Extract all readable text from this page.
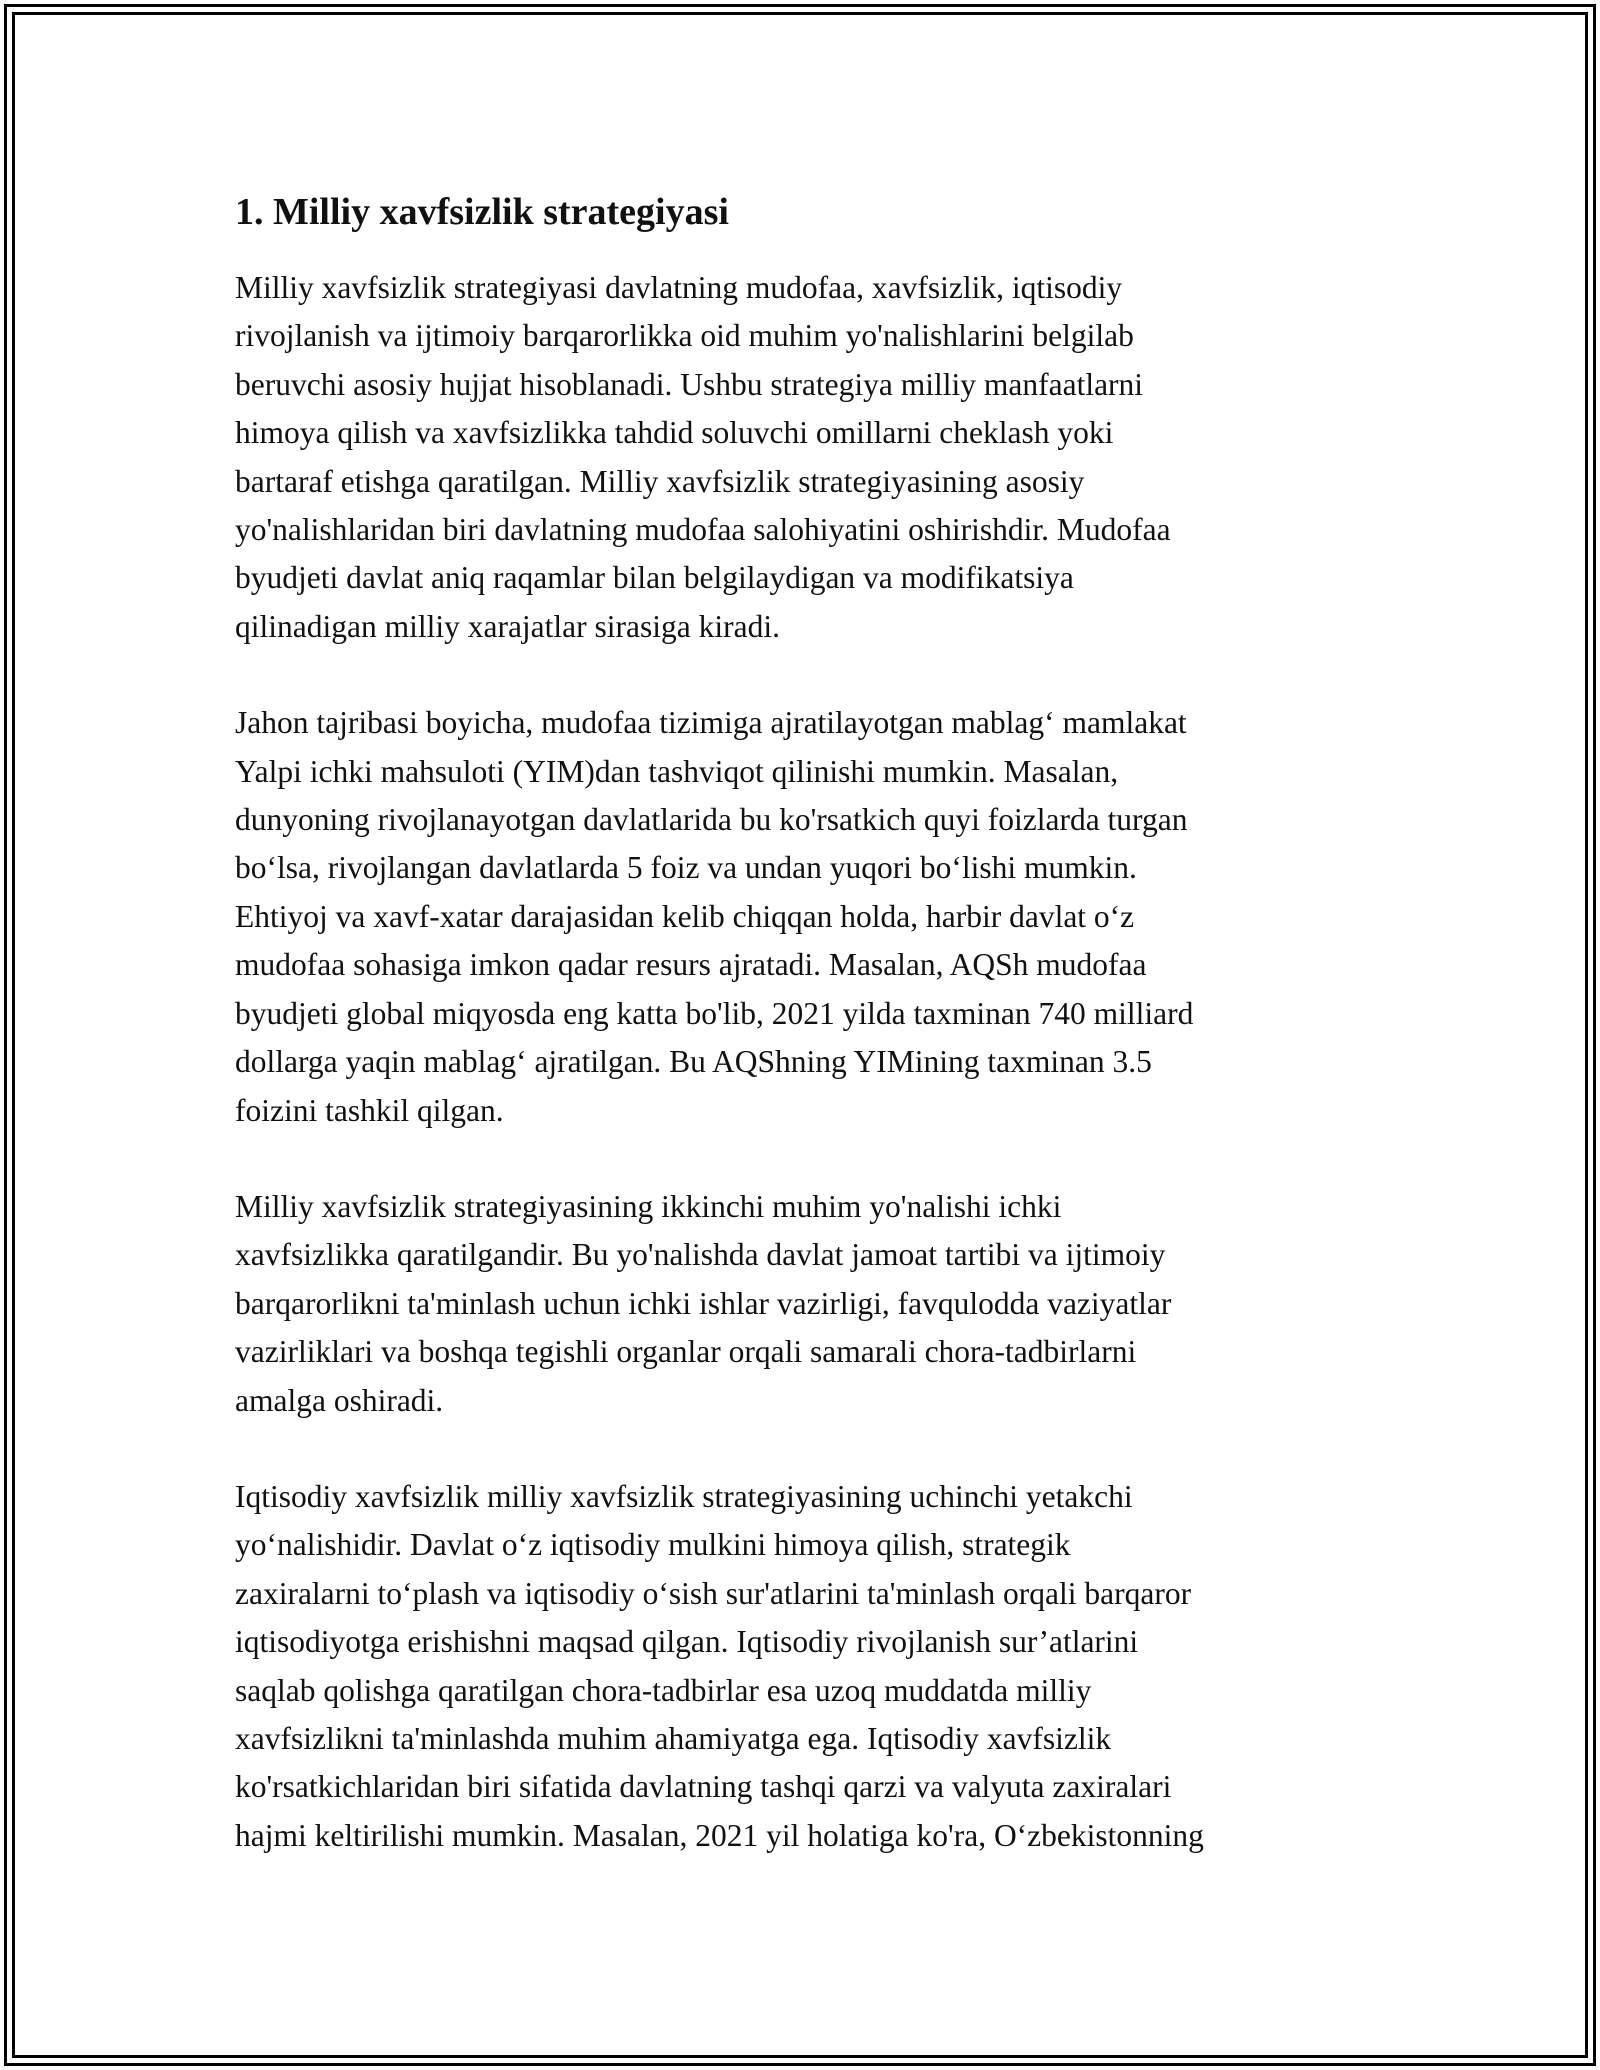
1. Milliy xavfsizlik strategiyasi
Milliy xavfsizlik strategiyasi davlatning mudofaa, xavfsizlik, iqtisodiy
rivojlanish va ijtimoiy barqarorlikka oid muhim yo'nalishlarini belgilab
beruvchi asosiy hujjat hisoblanadi. Ushbu strategiya milliy manfaatlarni
himoya qilish va xavfsizlikka tahdid soluvchi omillarni cheklash yoki
bartaraf etishga qaratilgan. Milliy xavfsizlik strategiyasining asosiy
yo'nalishlaridan biri davlatning mudofaa salohiyatini oshirishdir. Mudofaa
byudjeti davlat aniq raqamlar bilan belgilaydigan va modifikatsiya
qilinadigan milliy xarajatlar sirasiga kiradi.
Jahon tajribasi boyicha, mudofaa tizimiga ajratilayotgan mablag‘ mamlakat
Yalpi ichki mahsuloti (YIM)dan tashviqot qilinishi mumkin. Masalan,
dunyoning rivojlanayotgan davlatlarida bu ko'rsatkich quyi foizlarda turgan
bo‘lsa, rivojlangan davlatlarda 5 foiz va undan yuqori bo‘lishi mumkin.
Ehtiyoj va xavf-xatar darajasidan kelib chiqqan holda, harbir davlat o‘z
mudofaa sohasiga imkon qadar resurs ajratadi. Masalan, AQSh mudofaa
byudjeti global miqyosda eng katta bo'lib, 2021 yilda taxminan 740 milliard
dollarga yaqin mablag‘ ajratilgan. Bu AQShning YIMining taxminan 3.5
foizini tashkil qilgan.
Milliy xavfsizlik strategiyasining ikkinchi muhim yo'nalishi ichki
xavfsizlikka qaratilgandir. Bu yo'nalishda davlat jamoat tartibi va ijtimoiy
barqarorlikni ta'minlash uchun ichki ishlar vazirligi, favqulodda vaziyatlar
vazirliklari va boshqa tegishli organlar orqali samarali chora-tadbirlarni
amalga oshiradi.
Iqtisodiy xavfsizlik milliy xavfsizlik strategiyasining uchinchi yetakchi
yo‘nalishidir. Davlat o‘z iqtisodiy mulkini himoya qilish, strategik
zaxiralarni to‘plash va iqtisodiy o‘sish sur'atlarini ta'minlash orqali barqaror
iqtisodiyotga erishishni maqsad qilgan. Iqtisodiy rivojlanish sur’atlarini
saqlab qolishga qaratilgan chora-tadbirlar esa uzoq muddatda milliy
xavfsizlikni ta'minlashda muhim ahamiyatga ega. Iqtisodiy xavfsizlik
ko'rsatkichlaridan biri sifatida davlatning tashqi qarzi va valyuta zaxiralari
hajmi keltirilishi mumkin. Masalan, 2021 yil holatiga ko'ra, O‘zbekistonning
